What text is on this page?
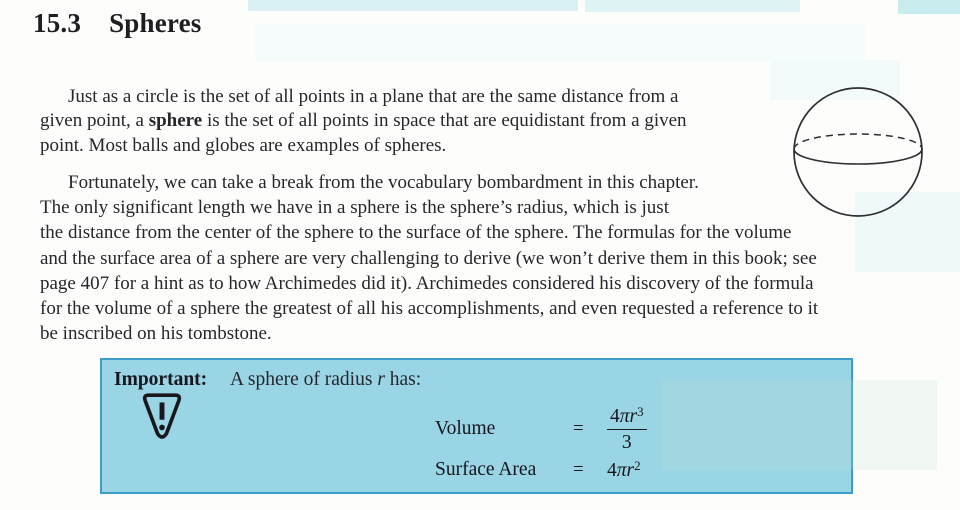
15.3 Spheres
Just as a circle is the set of all points in a plane that are the same distance from a
given point, a sphere is the set of all points in space that are equidistant from a given
point. Most balls and globes are examples of spheres.
Fortunately, we can take a break from the vocabulary bombardment in this chapter.
The only significant length we have in a sphere is the sphere’s radius, which is just
the distance from the center of the sphere to the surface of the sphere. The formulas for the volume
and the surface area of a sphere are very challenging to derive (we won’t derive them in this book; see
page 407 for a hint as to how Archimedes did it). Archimedes considered his discovery of the formula
for the volume of a sphere the greatest of all his accomplishments, and even requested a reference to it
be inscribed on his tombstone.
Important: A sphere of radius r has:
Volume	=	$\frac{4\pi r^3}{3}$
Surface Area	=	$4\pi r^2$
